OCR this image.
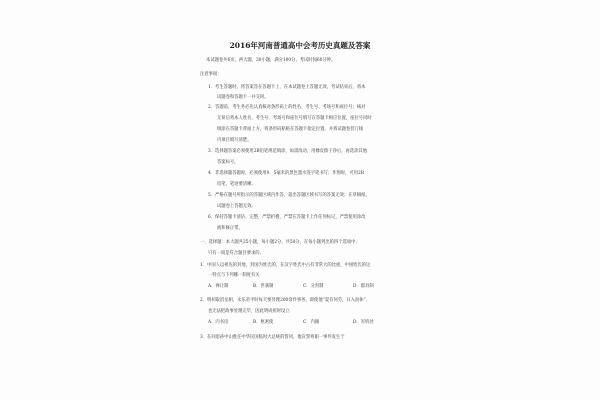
2016年河南普通高中会考历史真题及答案
本试题卷共6页，两大题，30小题，满分100分，考试时间60分钟。
注意事项：
1．考生答题时，将答案答在答题卡上，在本试题卷上答题无效。考试结束后，将本
试题卷和答题卡一并交回。
2．答题前，考生务必先认真核对条形码上的姓名、考生号、考场号和座位号；核对
无误后将本人姓名、考生号、考场号和座位号填写在答题卡相应位置，座位号同时
填涂在答题卡背面上方，将条形码粘贴在答题卡指定位置，并将试题卷装订线
内项目填写清楚。
3．选择题答案必须使用2B铅笔规范填涂，如需改动，用橡皮擦干净后，再选涂其他
答案标号。
4．非选择题答题时，必须使用0．5毫米的黑色墨水签字笔书写；作图时，可用2B
铅笔，笔迹要清晰。
5．严格在题号所指示的答题区域内作答，超出答题区域书写的答案无效；在草稿纸、
试题卷上答题无效。
6．保持答题卡清洁、完整，严禁折叠，严禁在答题卡上作任何标记，严禁使用涂改
液和修正带。
一、选择题：本大题共25小题，每小题2分，共50分，在每小题列出的四个选项中，
只有一项是符合题目要求的。
1．中国人以祖先的封地、封国为姓氏的，在汉字姓氏中占有非常大的比重，中国姓氏的这
一特点与下列哪一制度有关
A．禅让制	B．世袭制	C．分封制	D．郡县制
2．明初取消丞相，永乐帝平时每天要处理200余件事务，即使他“夏有何劳，日入而休”，
也无法把政事处理完毕，因此明成祖时设立
A．内书房	B．枢密使	C．内阁	D．军机处
3．在回思孙中山胜任中华民国临时大总统的誓词，他宣誓将职一事件发生于
